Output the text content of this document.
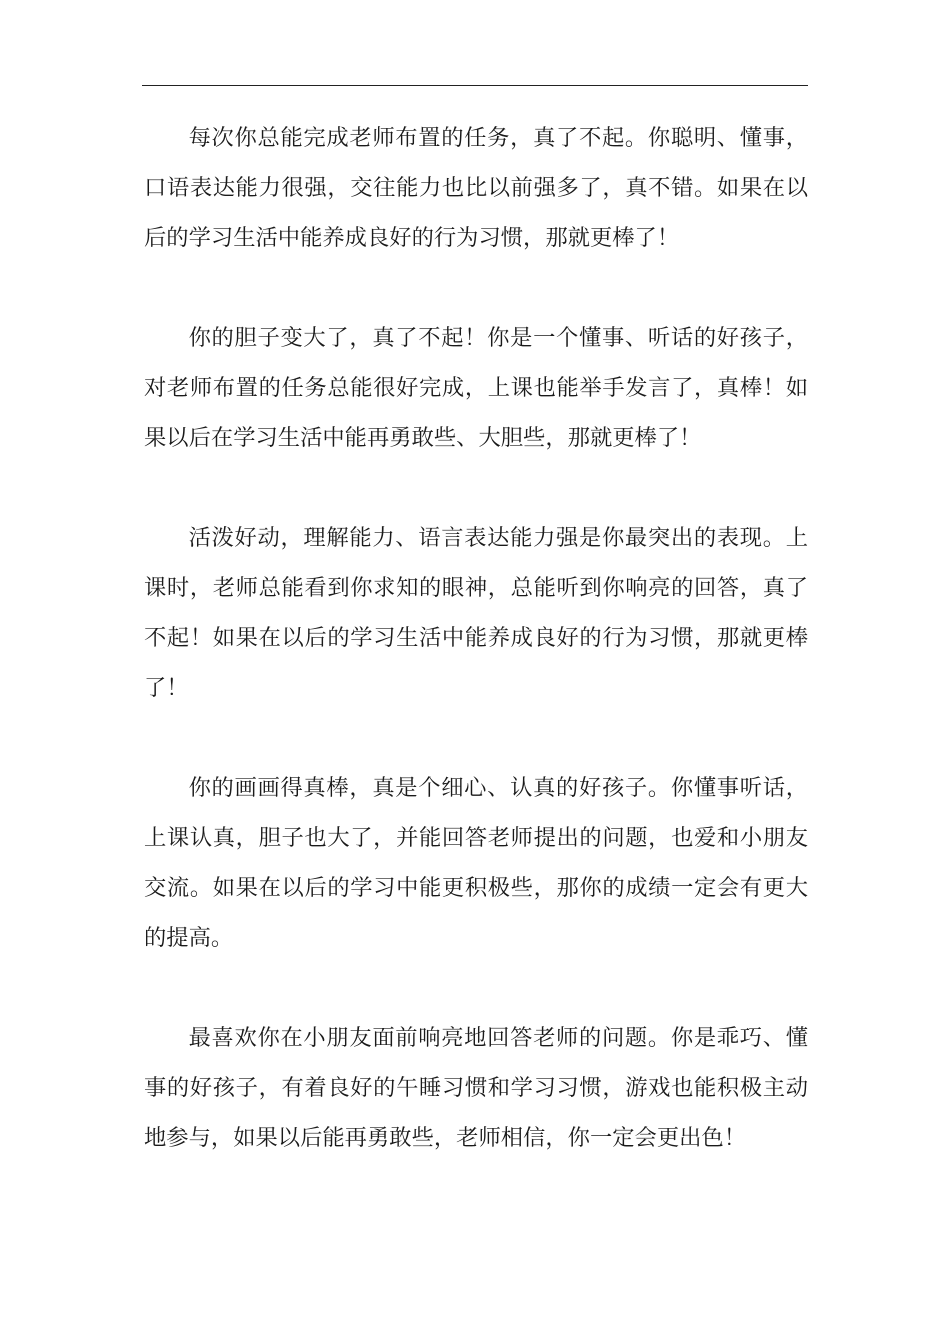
每次你总能完成老师布置的任务，真了不起。你聪明、懂事，口语表达能力很强，交往能力也比以前强多了，真不错。如果在以后的学习生活中能养成良好的行为习惯，那就更棒了！

你的胆子变大了，真了不起！你是一个懂事、听话的好孩子，对老师布置的任务总能很好完成，上课也能举手发言了，真棒！如果以后在学习生活中能再勇敢些、大胆些，那就更棒了！

活泼好动，理解能力、语言表达能力强是你最突出的表现。上课时，老师总能看到你求知的眼神，总能听到你响亮的回答，真了不起！如果在以后的学习生活中能养成良好的行为习惯，那就更棒了！

你的画画得真棒，真是个细心、认真的好孩子。你懂事听话，上课认真，胆子也大了，并能回答老师提出的问题，也爱和小朋友交流。如果在以后的学习中能更积极些，那你的成绩一定会有更大的提高。

最喜欢你在小朋友面前响亮地回答老师的问题。你是乖巧、懂事的好孩子，有着良好的午睡习惯和学习习惯，游戏也能积极主动地参与，如果以后能再勇敢些，老师相信，你一定会更出色！
